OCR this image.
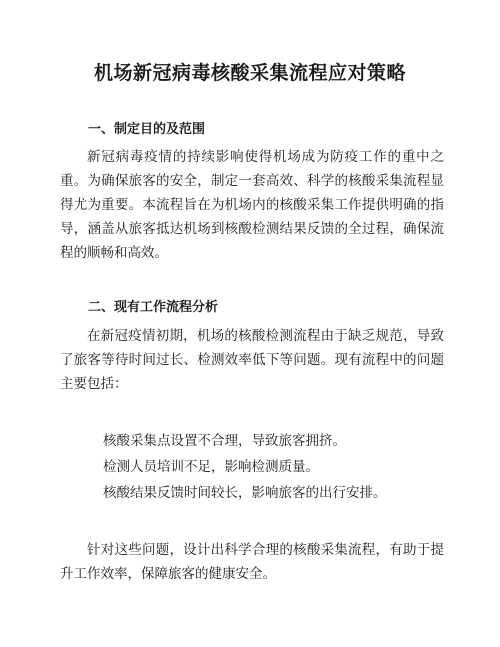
机场新冠病毒核酸采集流程应对策略
一、制定目的及范围

新冠病毒疫情的持续影响使得机场成为防疫工作的重中之重。为确保旅客的安全，制定一套高效、科学的核酸采集流程显得尤为重要。本流程旨在为机场内的核酸采集工作提供明确的指导，涵盖从旅客抵达机场到核酸检测结果反馈的全过程，确保流程的顺畅和高效。

二、现有工作流程分析

在新冠疫情初期，机场的核酸检测流程由于缺乏规范，导致了旅客等待时间过长、检测效率低下等问题。现有流程中的问题主要包括：

核酸采集点设置不合理，导致旅客拥挤。
检测人员培训不足，影响检测质量。
核酸结果反馈时间较长，影响旅客的出行安排。

针对这些问题，设计出科学合理的核酸采集流程，有助于提升工作效率，保障旅客的健康安全。
